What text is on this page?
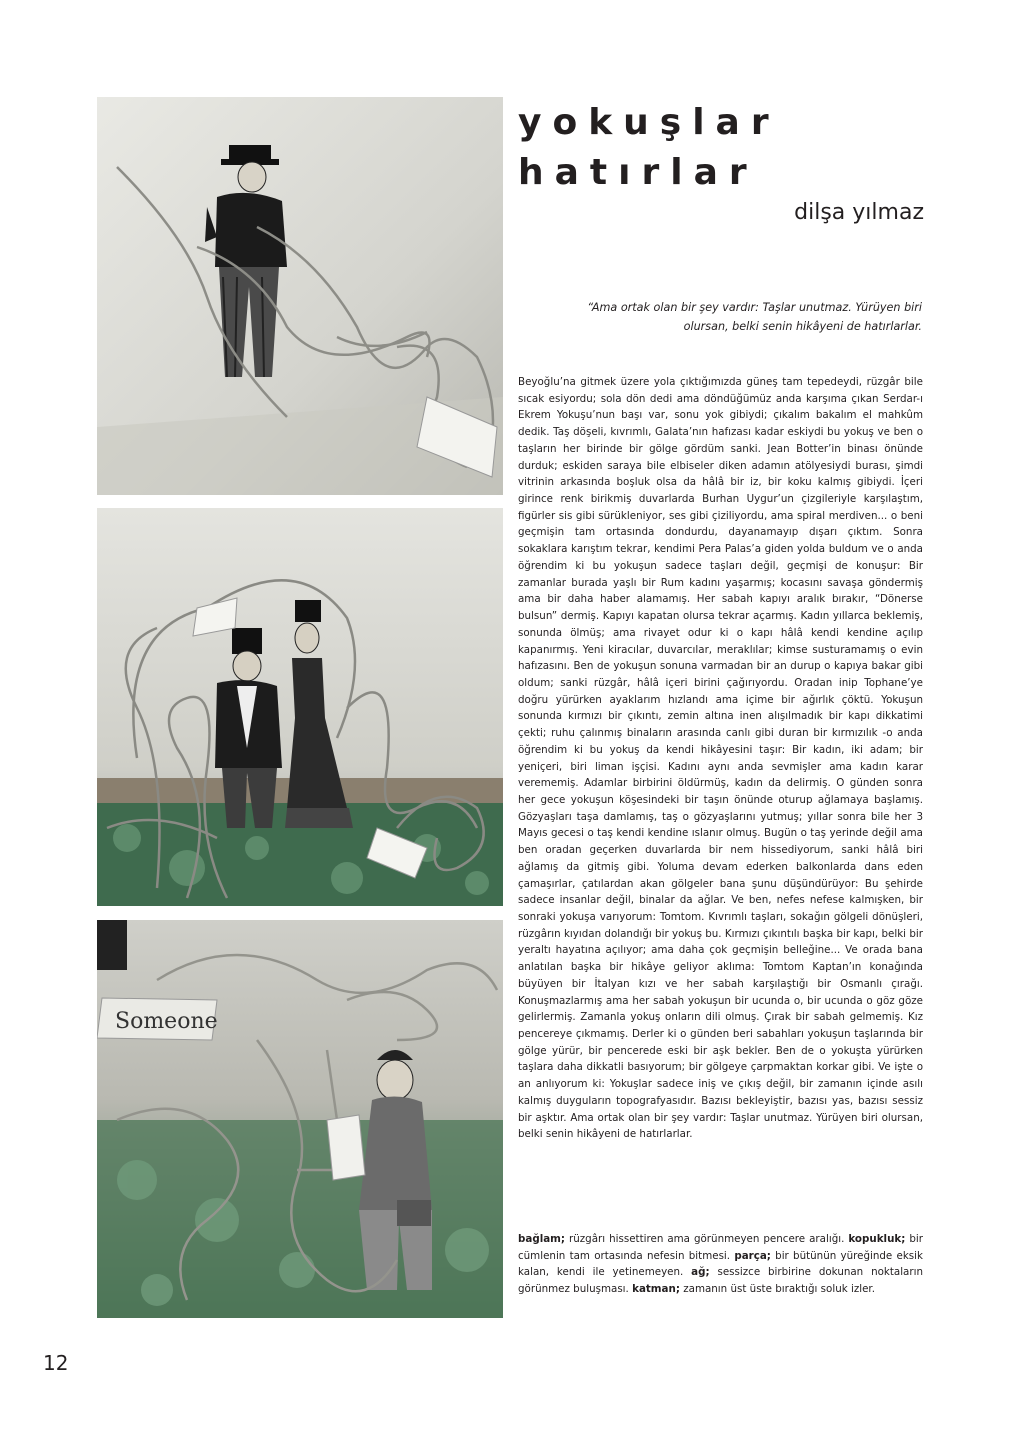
Someone
yokuşlar
hatırlar
dilşa yılmaz
“Ama ortak olan bir şey vardır: Taşlar unutmaz. Yürüyen biri olursan, belki senin hikâyeni de hatırlarlar.
Beyoğlu’na gitmek üzere yola çıktığımızda güneş tam tepedeydi, rüzgâr bile sıcak esiyordu; sola dön dedi ama döndüğümüz anda karşıma çıkan Serdar-ı Ekrem Yokuşu’nun başı var, sonu yok gibiydi; çıkalım bakalım el mahkûm dedik. Taş döşeli, kıvrımlı, Galata’nın hafızası kadar eskiydi bu yokuş ve ben o taşların her birinde bir gölge gördüm sanki. Jean Botter’in binası önünde durduk; eskiden saraya bile elbiseler diken adamın atölyesiydi burası, şimdi vitrinin arkasında boşluk olsa da hâlâ bir iz, bir koku kalmış gibiydi. İçeri girince renk birikmiş duvarlarda Burhan Uygur’un çizgileriyle karşılaştım, figürler sis gibi sürükleniyor, ses gibi çiziliyordu, ama spiral merdiven... o beni geçmişin tam ortasında dondurdu, dayanamayıp dışarı çıktım. Sonra sokaklara karıştım tekrar, kendimi Pera Palas’a giden yolda buldum ve o anda öğrendim ki bu yokuşun sadece taşları değil, geçmişi de konuşur: Bir zamanlar burada yaşlı bir Rum kadını yaşarmış; kocasını savaşa göndermiş ama bir daha haber alamamış. Her sabah kapıyı aralık bırakır, “Dönerse bulsun” dermiş. Kapıyı kapatan olursa tekrar açarmış. Kadın yıllarca beklemiş, sonunda ölmüş; ama rivayet odur ki o kapı hâlâ kendi kendine açılıp kapanırmış. Yeni kiracılar, duvarcılar, meraklılar; kimse susturamamış o evin hafızasını. Ben de yokuşun sonuna varmadan bir an durup o kapıya bakar gibi oldum; sanki rüzgâr, hâlâ içeri birini çağırıyordu. Oradan inip Tophane’ye doğru yürürken ayaklarım hızlandı ama içime bir ağırlık çöktü. Yokuşun sonunda kırmızı bir çıkıntı, zemin altına inen alışılmadık bir kapı dikkatimi çekti; ruhu çalınmış binaların arasında canlı gibi duran bir kırmızılık -o anda öğrendim ki bu yokuş da kendi hikâyesini taşır: Bir kadın, iki adam; bir yeniçeri, biri liman işçisi. Kadını aynı anda sevmişler ama kadın karar verememiş. Adamlar birbirini öldürmüş, kadın da delirmiş. O günden sonra her gece yokuşun köşesindeki bir taşın önünde oturup ağlamaya başlamış. Gözyaşları taşa damlamış, taş o gözyaşlarını yutmuş; yıllar sonra bile her 3 Mayıs gecesi o taş kendi kendine ıslanır olmuş. Bugün o taş yerinde değil ama ben oradan geçerken duvarlarda bir nem hissediyorum, sanki hâlâ biri ağlamış da gitmiş gibi. Yoluma devam ederken balkonlarda dans eden çamaşırlar, çatılardan akan gölgeler bana şunu düşündürüyor: Bu şehirde sadece insanlar değil, binalar da ağlar. Ve ben, nefes nefese kalmışken, bir sonraki yokuşa varıyorum: Tomtom. Kıvrımlı taşları, sokağın gölgeli dönüşleri, rüzgârın kıyıdan dolandığı bir yokuş bu. Kırmızı çıkıntılı başka bir kapı, belki bir yeraltı hayatına açılıyor; ama daha çok geçmişin belleğine... Ve orada bana anlatılan başka bir hikâye geliyor aklıma: Tomtom Kaptan’ın konağında büyüyen bir İtalyan kızı ve her sabah karşılaştığı bir Osmanlı çırağı. Konuşmazlarmış ama her sabah yokuşun bir ucunda o, bir ucunda o göz göze gelirlermiş. Zamanla yokuş onların dili olmuş. Çırak bir sabah gelmemiş. Kız pencereye çıkmamış. Derler ki o günden beri sabahları yokuşun taşlarında bir gölge yürür, bir pencerede eski bir aşk bekler. Ben de o yokuşta yürürken taşlara daha dikkatli basıyorum; bir gölgeye çarpmaktan korkar gibi. Ve işte o an anlıyorum ki: Yokuşlar sadece iniş ve çıkış değil, bir zamanın içinde asılı kalmış duyguların topografyasıdır. Bazısı bekleyiştir, bazısı yas, bazısı sessiz bir aşktır. Ama ortak olan bir şey vardır: Taşlar unutmaz. Yürüyen biri olursan, belki senin hikâyeni de hatırlarlar.
bağlam; rüzgârı hissettiren ama görünmeyen pencere aralığı. kopukluk; bir cümlenin tam ortasında nefesin bitmesi. parça; bir bütünün yüreğinde eksik kalan, kendi ile yetinemeyen. ağ; sessizce birbirine dokunan noktaların görünmez buluşması. katman; zamanın üst üste bıraktığı soluk izler.
12
